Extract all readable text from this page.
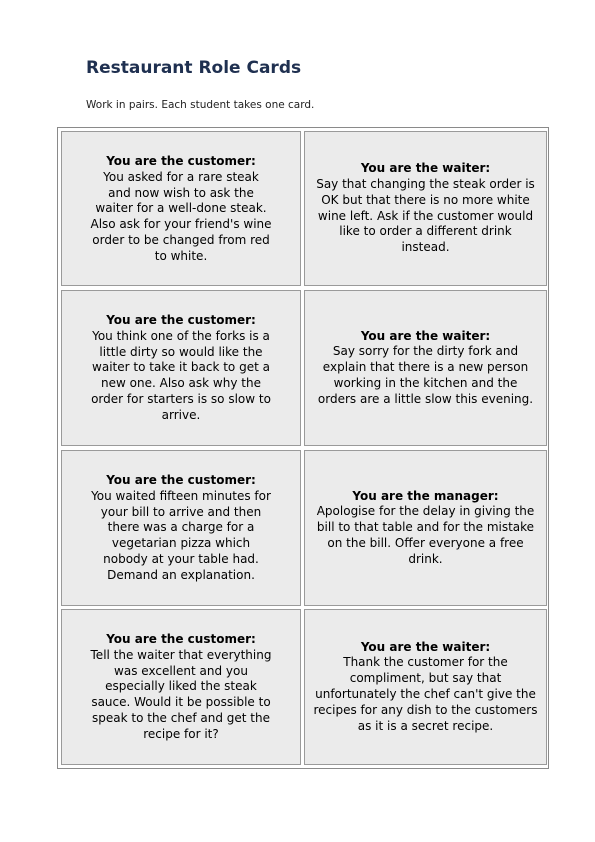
Restaurant Role Cards
Work in pairs. Each student takes one card.
You are the customer:
You asked for a rare steak
and now wish to ask the
waiter for a well-done steak.
Also ask for your friend's wine
order to be changed from red
to white.
You are the waiter:
Say that changing the steak order is
OK but that there is no more white
wine left. Ask if the customer would
like to order a different drink
instead.
You are the customer:
You think one of the forks is a
little dirty so would like the
waiter to take it back to get a
new one. Also ask why the
order for starters is so slow to
arrive.
You are the waiter:
Say sorry for the dirty fork and
explain that there is a new person
working in the kitchen and the
orders are a little slow this evening.
You are the customer:
You waited fifteen minutes for
your bill to arrive and then
there was a charge for a
vegetarian pizza which
nobody at your table had.
Demand an explanation.
You are the manager:
Apologise for the delay in giving the
bill to that table and for the mistake
on the bill. Offer everyone a free
drink.
You are the customer:
Tell the waiter that everything
was excellent and you
especially liked the steak
sauce. Would it be possible to
speak to the chef and get the
recipe for it?
You are the waiter:
Thank the customer for the
compliment, but say that
unfortunately the chef can't give the
recipes for any dish to the customers
as it is a secret recipe.
